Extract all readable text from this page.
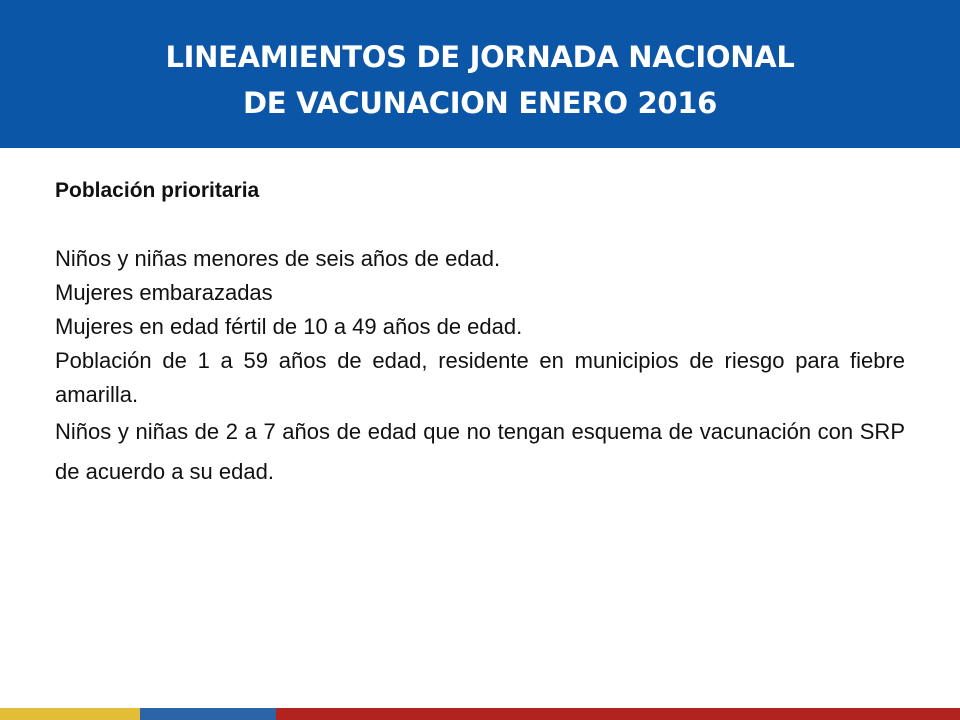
LINEAMIENTOS DE JORNADA NACIONAL
DE VACUNACION ENERO 2016
Población prioritaria
Niños y niñas menores de seis años de edad.
Mujeres embarazadas
Mujeres en edad fértil de 10 a 49 años de edad.
Población de 1 a 59 años de edad, residente en municipios de riesgo para fiebre amarilla.
Niños y niñas de 2 a 7 años de edad que no tengan esquema de vacunación con SRP de acuerdo a su edad.
